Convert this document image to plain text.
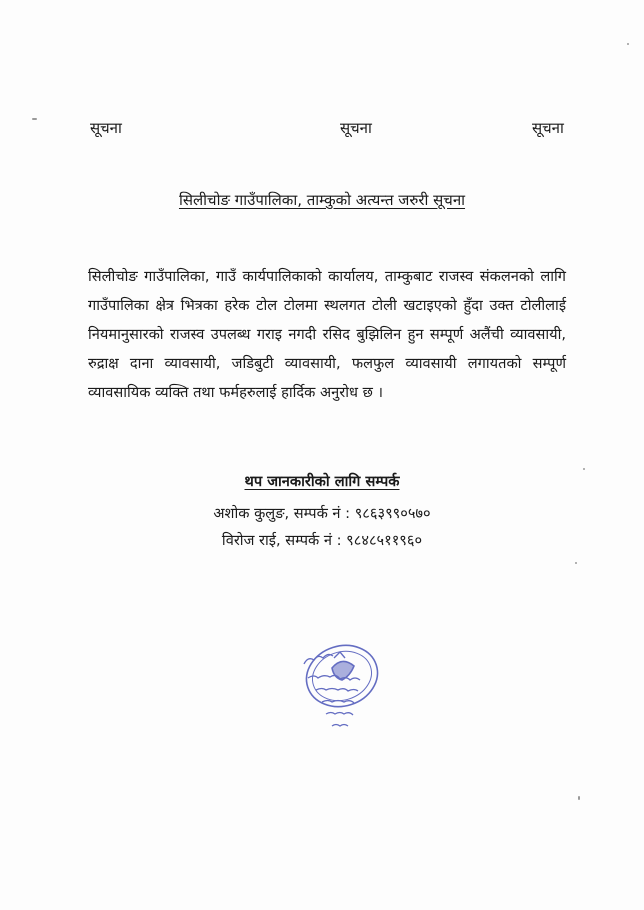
सूचना	सूचना	सूचना
सिलीचोङ गाउँपालिका, ताम्कुको अत्यन्त जरुरी सूचना
सिलीचोङ गाउँपालिका, गाउँ कार्यपालिकाको कार्यालय, ताम्कुबाट राजस्व संकलनको लागि गाउँपालिका क्षेत्र भित्रका हरेक टोल टोलमा स्थलगत टोली खटाइएको हुँदा उक्त टोलीलाई नियमानुसारको राजस्व उपलब्ध गराइ नगदी रसिद बुझिलिन हुन सम्पूर्ण अलैंची व्यावसायी, रुद्राक्ष दाना व्यावसायी, जडिबुटी व्यावसायी, फलफुल व्यावसायी लगायतको सम्पूर्ण व्यावसायिक व्यक्ति तथा फर्महरुलाई हार्दिक अनुरोध छ ।
थप जानकारीको लागि सम्पर्क
अशोक कुलुङ, सम्पर्क नं : ९८६३९९०५७०
विरोज राई, सम्पर्क नं : ९८४८५११९६०
